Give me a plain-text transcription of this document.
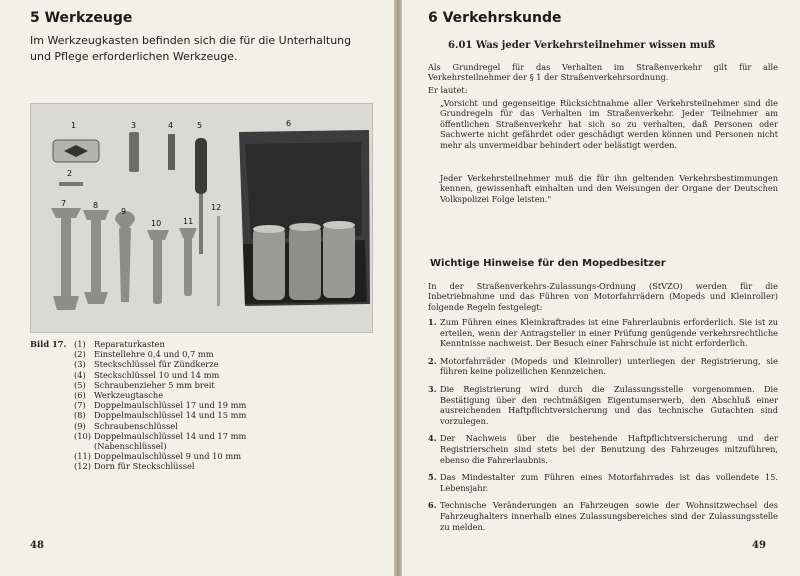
5 Werkzeuge
Im Werkzeugkasten befinden sich die für die Unterhaltung und Pflege erforderlichen Werkzeuge.
1
2
3	4	5	6
7	8
9
10	11
12
Bild 17. (1) Reparaturkasten
(2) Einstellehre 0,4 und 0,7 mm
(3) Steckschlüssel für Zündkerze
(4) Steckschlüssel 10 und 14 mm
(5) Schraubenzieher 5 mm breit
(6) Werkzeugtasche
(7) Doppelmaulschlüssel 17 und 19 mm
(8) Doppelmaulschlüssel 14 und 15 mm
(9) Schraubenschlüssel
(10) Doppelmaulschlüssel 14 und 17 mm
(Nabenschlüssel)
(11) Doppelmaulschlüssel 9 und 10 mm
(12) Dorn für Steckschlüssel
48
6 Verkehrskunde
6.01 Was jeder Verkehrsteilnehmer wissen muß
Als Grundregel für das Verhalten im Straßenverkehr gilt für alle Verkehrsteilnehmer der § 1 der Straßenverkehrsordnung.
Er lautet:
„Vorsicht und gegenseitige Rücksichtnahme aller Verkehrsteilnehmer sind die Grundregeln für das Verhalten im Straßenverkehr. Jeder Teilnehmer am öffentlichen Straßenverkehr hat sich so zu verhalten, daß Personen oder Sachwerte nicht gefährdet oder geschädigt werden können und Personen nicht mehr als unvermeidbar behindert oder belästigt werden.
Jeder Verkehrsteilnehmer muß die für ihn geltenden Verkehrsbestimmungen kennen, gewissenhaft einhalten und den Weisungen der Organe der Deutschen Volkspolizei Folge leisten."
Wichtige Hinweise für den Mopedbesitzer
In der Straßenverkehrs-Zulassungs-Ordnung (StVZO) werden für die Inbetriebnahme und das Führen von Motorfahrrädern (Mopeds und Kleinroller) folgende Regeln festgelegt:
1. Zum Führen eines Kleinkraftrades ist eine Fahrerlaubnis erforderlich. Sie ist zu erteilen, wenn der Antragsteller in einer Prüfung genügende verkehrsrechtliche Kenntnisse nachweist. Der Besuch einer Fahrschule ist nicht erforderlich.
2. Motorfahrräder (Mopeds und Kleinroller) unterliegen der Registrierung, sie führen keine polizeilichen Kennzeichen.
3. Die Registrierung wird durch die Zulassungsstelle vorgenommen. Die Bestätigung über den rechtmäßigen Eigentumserwerb, den Abschluß einer ausreichenden Haftpflichtversicherung und das technische Gutachten sind vorzulegen.
4. Der Nachweis über die bestehende Haftpflichtversicherung und der Registrierschein sind stets bei der Benutzung des Fahrzeuges mitzuführen, ebenso die Fahrerlaubnis.
5. Das Mindestalter zum Führen eines Motorfahrrades ist das vollendete 15. Lebensjahr.
6. Technische Veränderungen an Fahrzeugen sowie der Wohnsitzwechsel des Fahrzeughalters innerhalb eines Zulassungsbereiches sind der Zulassungsstelle zu melden.
49
